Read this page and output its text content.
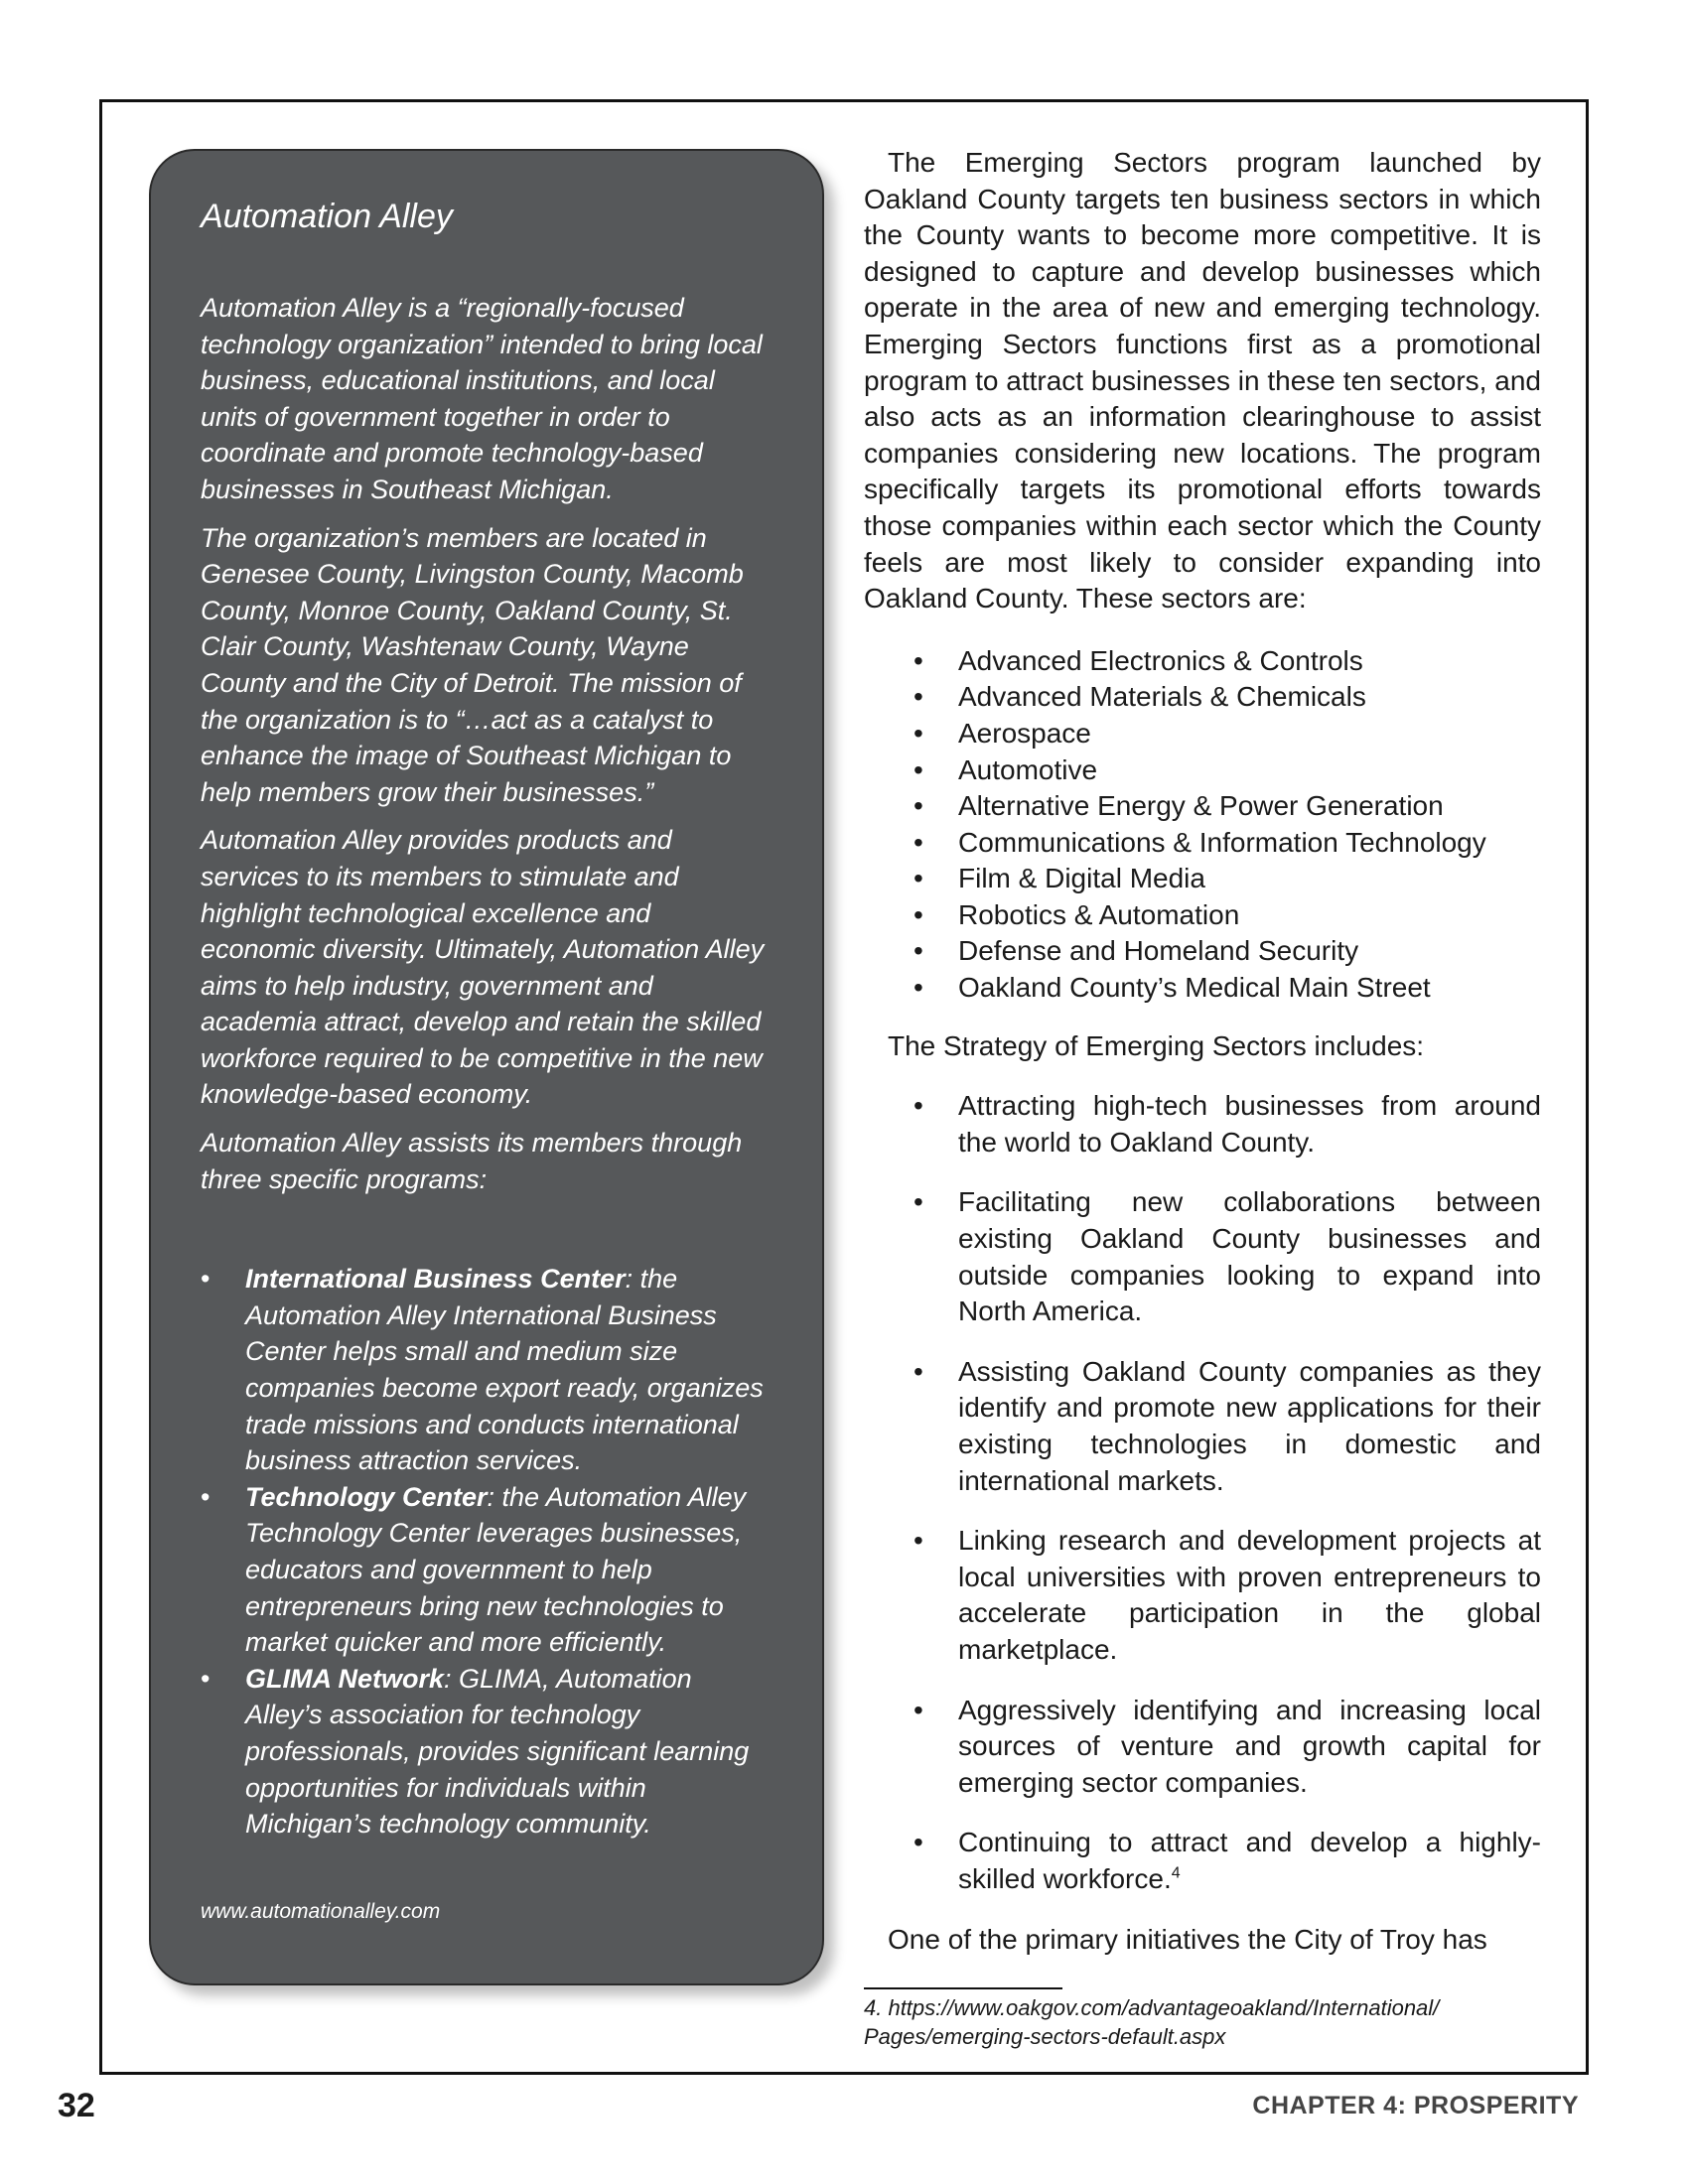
Automation Alley

Automation Alley is a “regionally-focused technology organization” intended to bring local business, educational institutions, and local units of government together in order to coordinate and promote technology-based businesses in Southeast Michigan.

The organization’s members are located in Genesee County, Livingston County, Macomb County, Monroe County, Oakland County, St. Clair County, Washtenaw County, Wayne County and the City of Detroit. The mission of the organization is to “…act as a catalyst to enhance the image of Southeast Michigan to help members grow their businesses.”

Automation Alley provides products and services to its members to stimulate and highlight technological excellence and economic diversity. Ultimately, Automation Alley aims to help industry, government and academia attract, develop and retain the skilled workforce required to be competitive in the new knowledge-based economy.

Automation Alley assists its members through three specific programs:

• International Business Center: the Automation Alley International Business Center helps small and medium size companies become export ready, organizes trade missions and conducts international business attraction services.
• Technology Center: the Automation Alley Technology Center leverages businesses, educators and government to help entrepreneurs bring new technologies to market quicker and more efficiently.
• GLIMA Network: GLIMA, Automation Alley’s association for technology professionals, provides significant learning opportunities for individuals within Michigan’s technology community.
www.automationalley.com

The Emerging Sectors program launched by Oakland County targets ten business sectors in which the County wants to become more competitive. It is designed to capture and develop businesses which operate in the area of new and emerging technology. Emerging Sectors functions first as a promotional program to attract businesses in these ten sectors, and also acts as an information clearinghouse to assist companies considering new locations. The program specifically targets its promotional efforts towards those companies within each sector which the County feels are most likely to consider expanding into Oakland County. These sectors are:

• Advanced Electronics & Controls
• Advanced Materials & Chemicals
• Aerospace
• Automotive
• Alternative Energy & Power Generation
• Communications & Information Technology
• Film & Digital Media
• Robotics & Automation
• Defense and Homeland Security
• Oakland County’s Medical Main Street

The Strategy of Emerging Sectors includes:

• Attracting high-tech businesses from around the world to Oakland County.
• Facilitating new collaborations between existing Oakland County businesses and outside companies looking to expand into North America.
• Assisting Oakland County companies as they identify and promote new applications for their existing technologies in domestic and international markets.
• Linking research and development projects at local universities with proven entrepreneurs to accelerate participation in the global marketplace.
• Aggressively identifying and increasing local sources of venture and growth capital for emerging sector companies.
• Continuing to attract and develop a highly-skilled workforce.$^4$

One of the primary initiatives the City of Troy has

4. https://www.oakgov.com/advantageoakland/International/ Pages/emerging-sectors-default.aspx
32	CHAPTER 4: PROSPERITY
